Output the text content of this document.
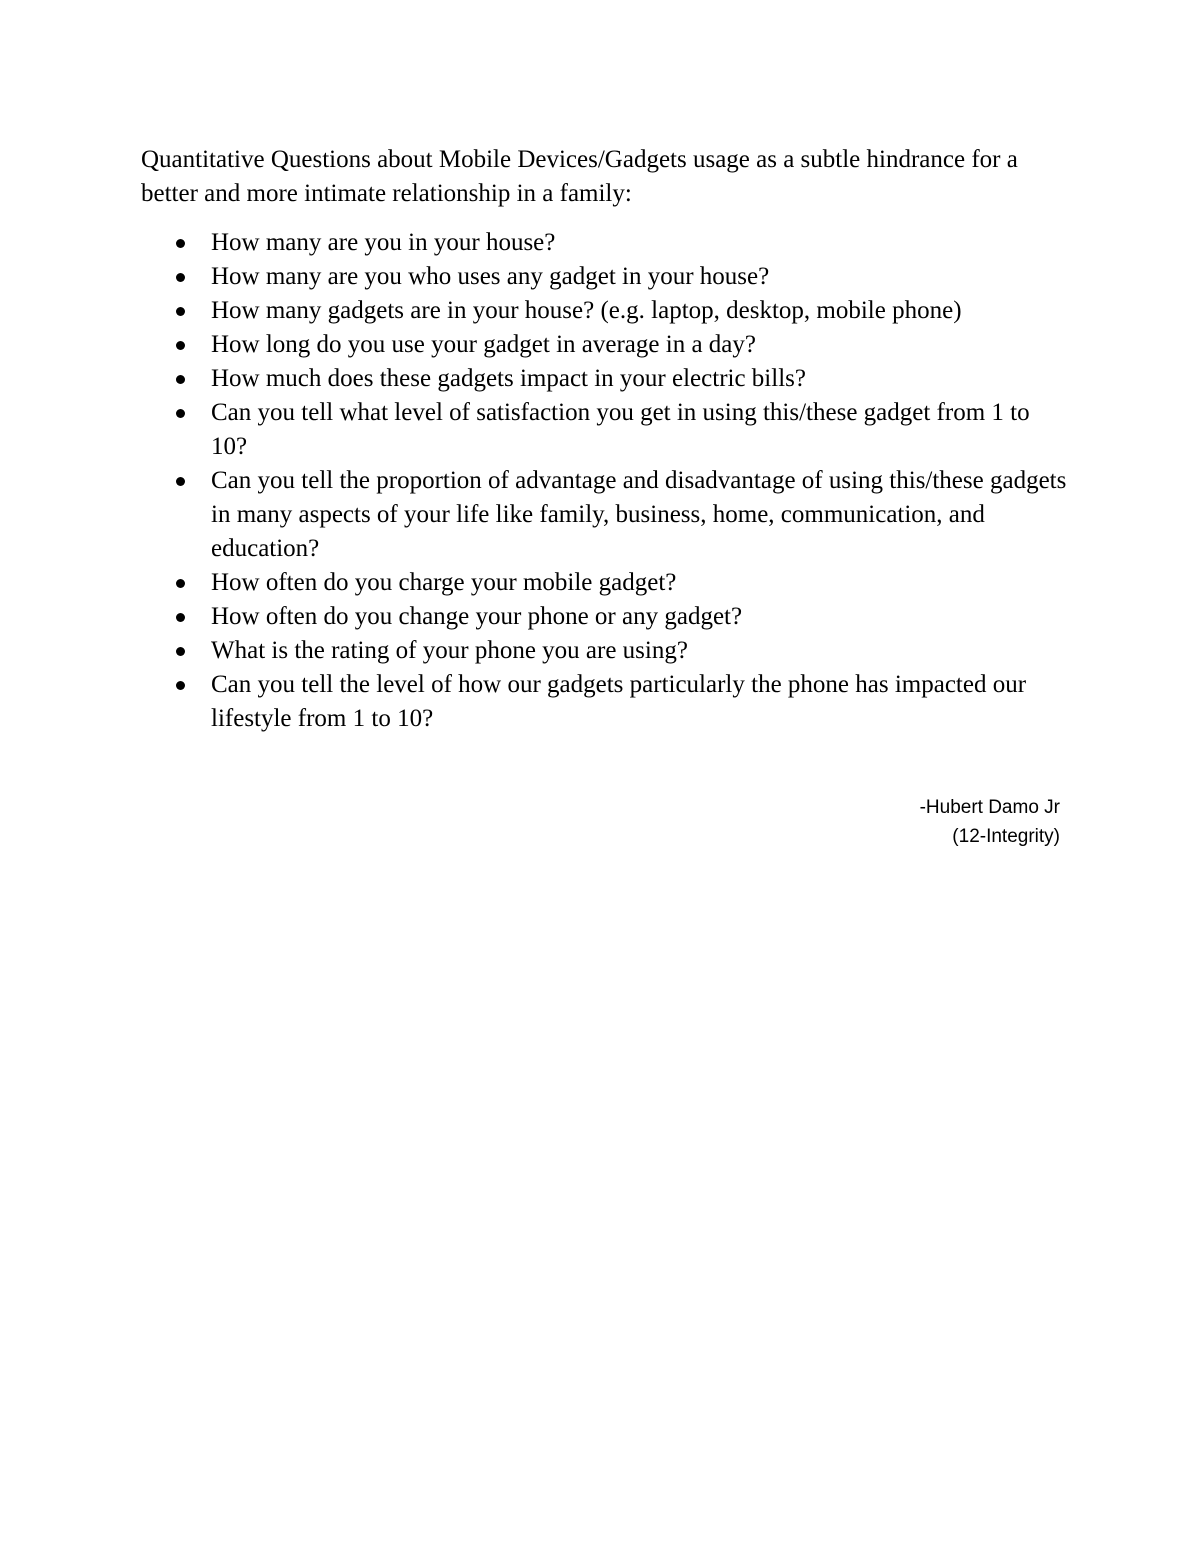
Quantitative Questions about Mobile Devices/Gadgets usage as a subtle hindrance for a better and more intimate relationship in a family:

How many are you in your house?
How many are you who uses any gadget in your house?
How many gadgets are in your house? (e.g. laptop, desktop, mobile phone)
How long do you use your gadget in average in a day?
How much does these gadgets impact in your electric bills?
Can you tell what level of satisfaction you get in using this/these gadget from 1 to 10?
Can you tell the proportion of advantage and disadvantage of using this/these gadgets in many aspects of your life like family, business, home, communication, and education?
How often do you charge your mobile gadget?
How often do you change your phone or any gadget?
What is the rating of your phone you are using?
Can you tell the level of how our gadgets particularly the phone has impacted our lifestyle from 1 to 10?
-Hubert Damo Jr
(12-Integrity)
